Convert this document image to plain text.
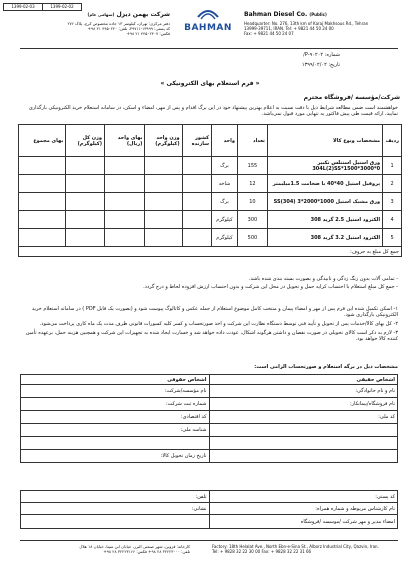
1399-02-03	1399-02-02
شرکت بهمن دیزل (سهامی عام)
دفتر مرکزی: تهران، کیلومتر ۱۳ جاده مخصوص کرج، پلاک ۲۷۶
کد پستی: ۱۳۹۹۹-۳۹۷۱۱، تلفن: ۴۴۵۰۲۴۰ ۲۱ ۹۸+
فکس: ۴۴۵۰۲۴۰۷ ۲۱ ۹۸+
BAHMAN
Bahman Diesel Co. (Public)
Headquarter: No. 276, 13th km of Karaj Makhsous Rd., Tehran
13999-39711, IRAN. Tel: + 9821 44 50 24 00
Fax: + 9821 44 50 24 07
شماره: ۹۰۲۰۲-P/
تاریخ: ۱۳۹۹/۰۲/۰۲
« فرم استعلام بهای الکترونیکی »
شرکت/مؤسسه /فروشگاه محترم
خواهشمند است ضمن مطالعه شرایط ذیل با دقت نسبت به اعلام بهترین پیشنهاد خود در این برگ اقدام و پس از مهر، امضاء و اسکن، در سامانه استعلام خرید الکترونیکی بارگذاری نمایید، ارائه قیمت طی پیش فاکتور به تنهایی مورد قبول نمی‌باشد.
ردیف	مشخصات ونوع کالا	تعداد	واحد	کشور سازنده	وزن واحد (کیلوگرم)	بهای واحد (ریال)	وزن کل (کیلوگرم)	بهای مجموع
1	ورق استیل استنلس تکبیر 304L(2)SS*1500*3000*0	155	برگ					
2	پروفیل استیل 40*40 با ضخامت 1.5میلیمتر	12	شاخه					
3	ورق مشبک استیل 1000*2000*3 SS(304)	10	برگ					
4	الکترود استیل 2.5 گرید 308	300	کیلوگرم					
5	الکترود استیل 3.2 گرید 308	500	کیلوگرم					
جمع کل مبلغ به حروف:								
- تمامی آلات بدون زنگ زدگی و تابیدگی و بصورت بسته بندی شده باشد.
- جمع کل مبلغ استعلام با احتساب کرایه حمل و تحویل در محل این شرکت و بدون احتساب ارزش افزوده لحاظ و درج گردد.
۱- اسکن تکمیل شده این فرم پس از مهر و امضاء پیمان و منتخب کامل موضوع استعلام از جمله عکس و کاتالوگ پیوست شود و (بصورت یک فایل PDF ) در سامانه استعلام خرید الکترونیکی بارگذاری شود.
۲- کل بهای کالا/خدمات پس از تحویل و تأیید فنی توسط دستگاه نظارت این شرکت و اخذ صورتحساب و کسر کلیه کسورات قانونی ظرف مدت یک ماه کاری پرداخت می‌شود.
۳- لازم به ذکر است کالای تحویلی در صورت نقصان و داشتن هرگونه اشکال، عودت داده خواهد شد و خسارت ایجاد شده به تجهیزات این شرکت و همچنین هزینه حمل، برعهده تأمین کننده کالا خواهد بود.
مشخصات ذیل در برگه استعلام و صورتحساب الزامی است:
اشخاص حقیقی	اشخاص حقوقی
نام و نام خانوادگی:	نام مؤسسه/شرکت:
نام فروشگاه/پیمانکار:	شماره ثبت شرکت:
کد ملی:	کد اقتصادی:
	شناسه ملی:

	تاریخ زمان تحویل کالا:
کد پستی:	تلفن:
نام کارشناس مربوطه و شماره همراه:	نشانی:
امضاء مدیر و مهر شرکت /موسسه /فروشگاه	
کارخانه: قزوین، شهر صنعتی البرز، خیابان ابن سینا، خیابان ۱۸ هلال
تلفن: ۳۲۲۲۳۰۰۰ ۲۸ ۹۸+ فکس: ۳۲۲۲۳۱۶۶ ۲۸ ۹۸+
Factory: 18th Helalat Ave., North Ebn-e-Sina St., Alborz Industrial City, Qazvin, Iran.
Tel: + 9828 32 22 30 00 Fax: + 9828 32 22 31 66
